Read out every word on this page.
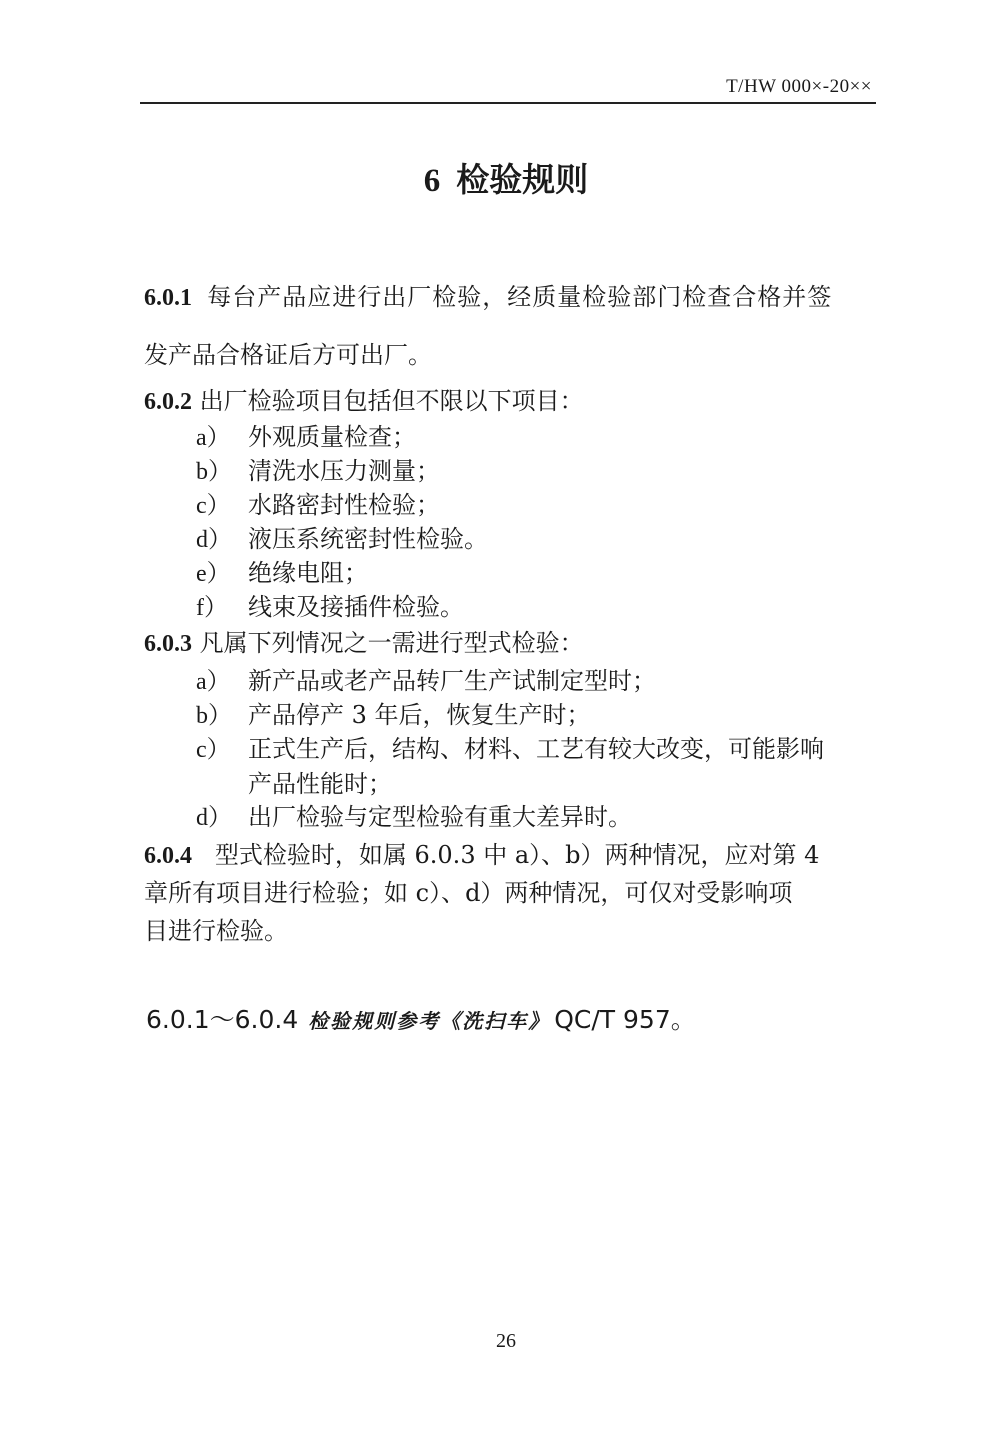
T/HW 000×-20××
6 检验规则
6.0.1 每台产品应进行出厂检验，经质量检验部门检查合格并签
发产品合格证后方可出厂。
6.0.2 出厂检验项目包括但不限以下项目：
a） 外观质量检查；
b） 清洗水压力测量；
c） 水路密封性检验；
d） 液压系统密封性检验。
e） 绝缘电阻；
f） 线束及接插件检验。
6.0.3 凡属下列情况之一需进行型式检验：
a） 新产品或老产品转厂生产试制定型时；
b） 产品停产 3 年后，恢复生产时；
c） 正式生产后，结构、材料、工艺有较大改变，可能影响
产品性能时；
d） 出厂检验与定型检验有重大差异时。
6.0.4 型式检验时，如属 6.0.3 中 a）、b）两种情况，应对第 4
章所有项目进行检验；如 c）、d）两种情况，可仅对受影响项
目进行检验。
6.0.1～6.0.4 检验规则参考《洗扫车》 QC/T 957。
26
